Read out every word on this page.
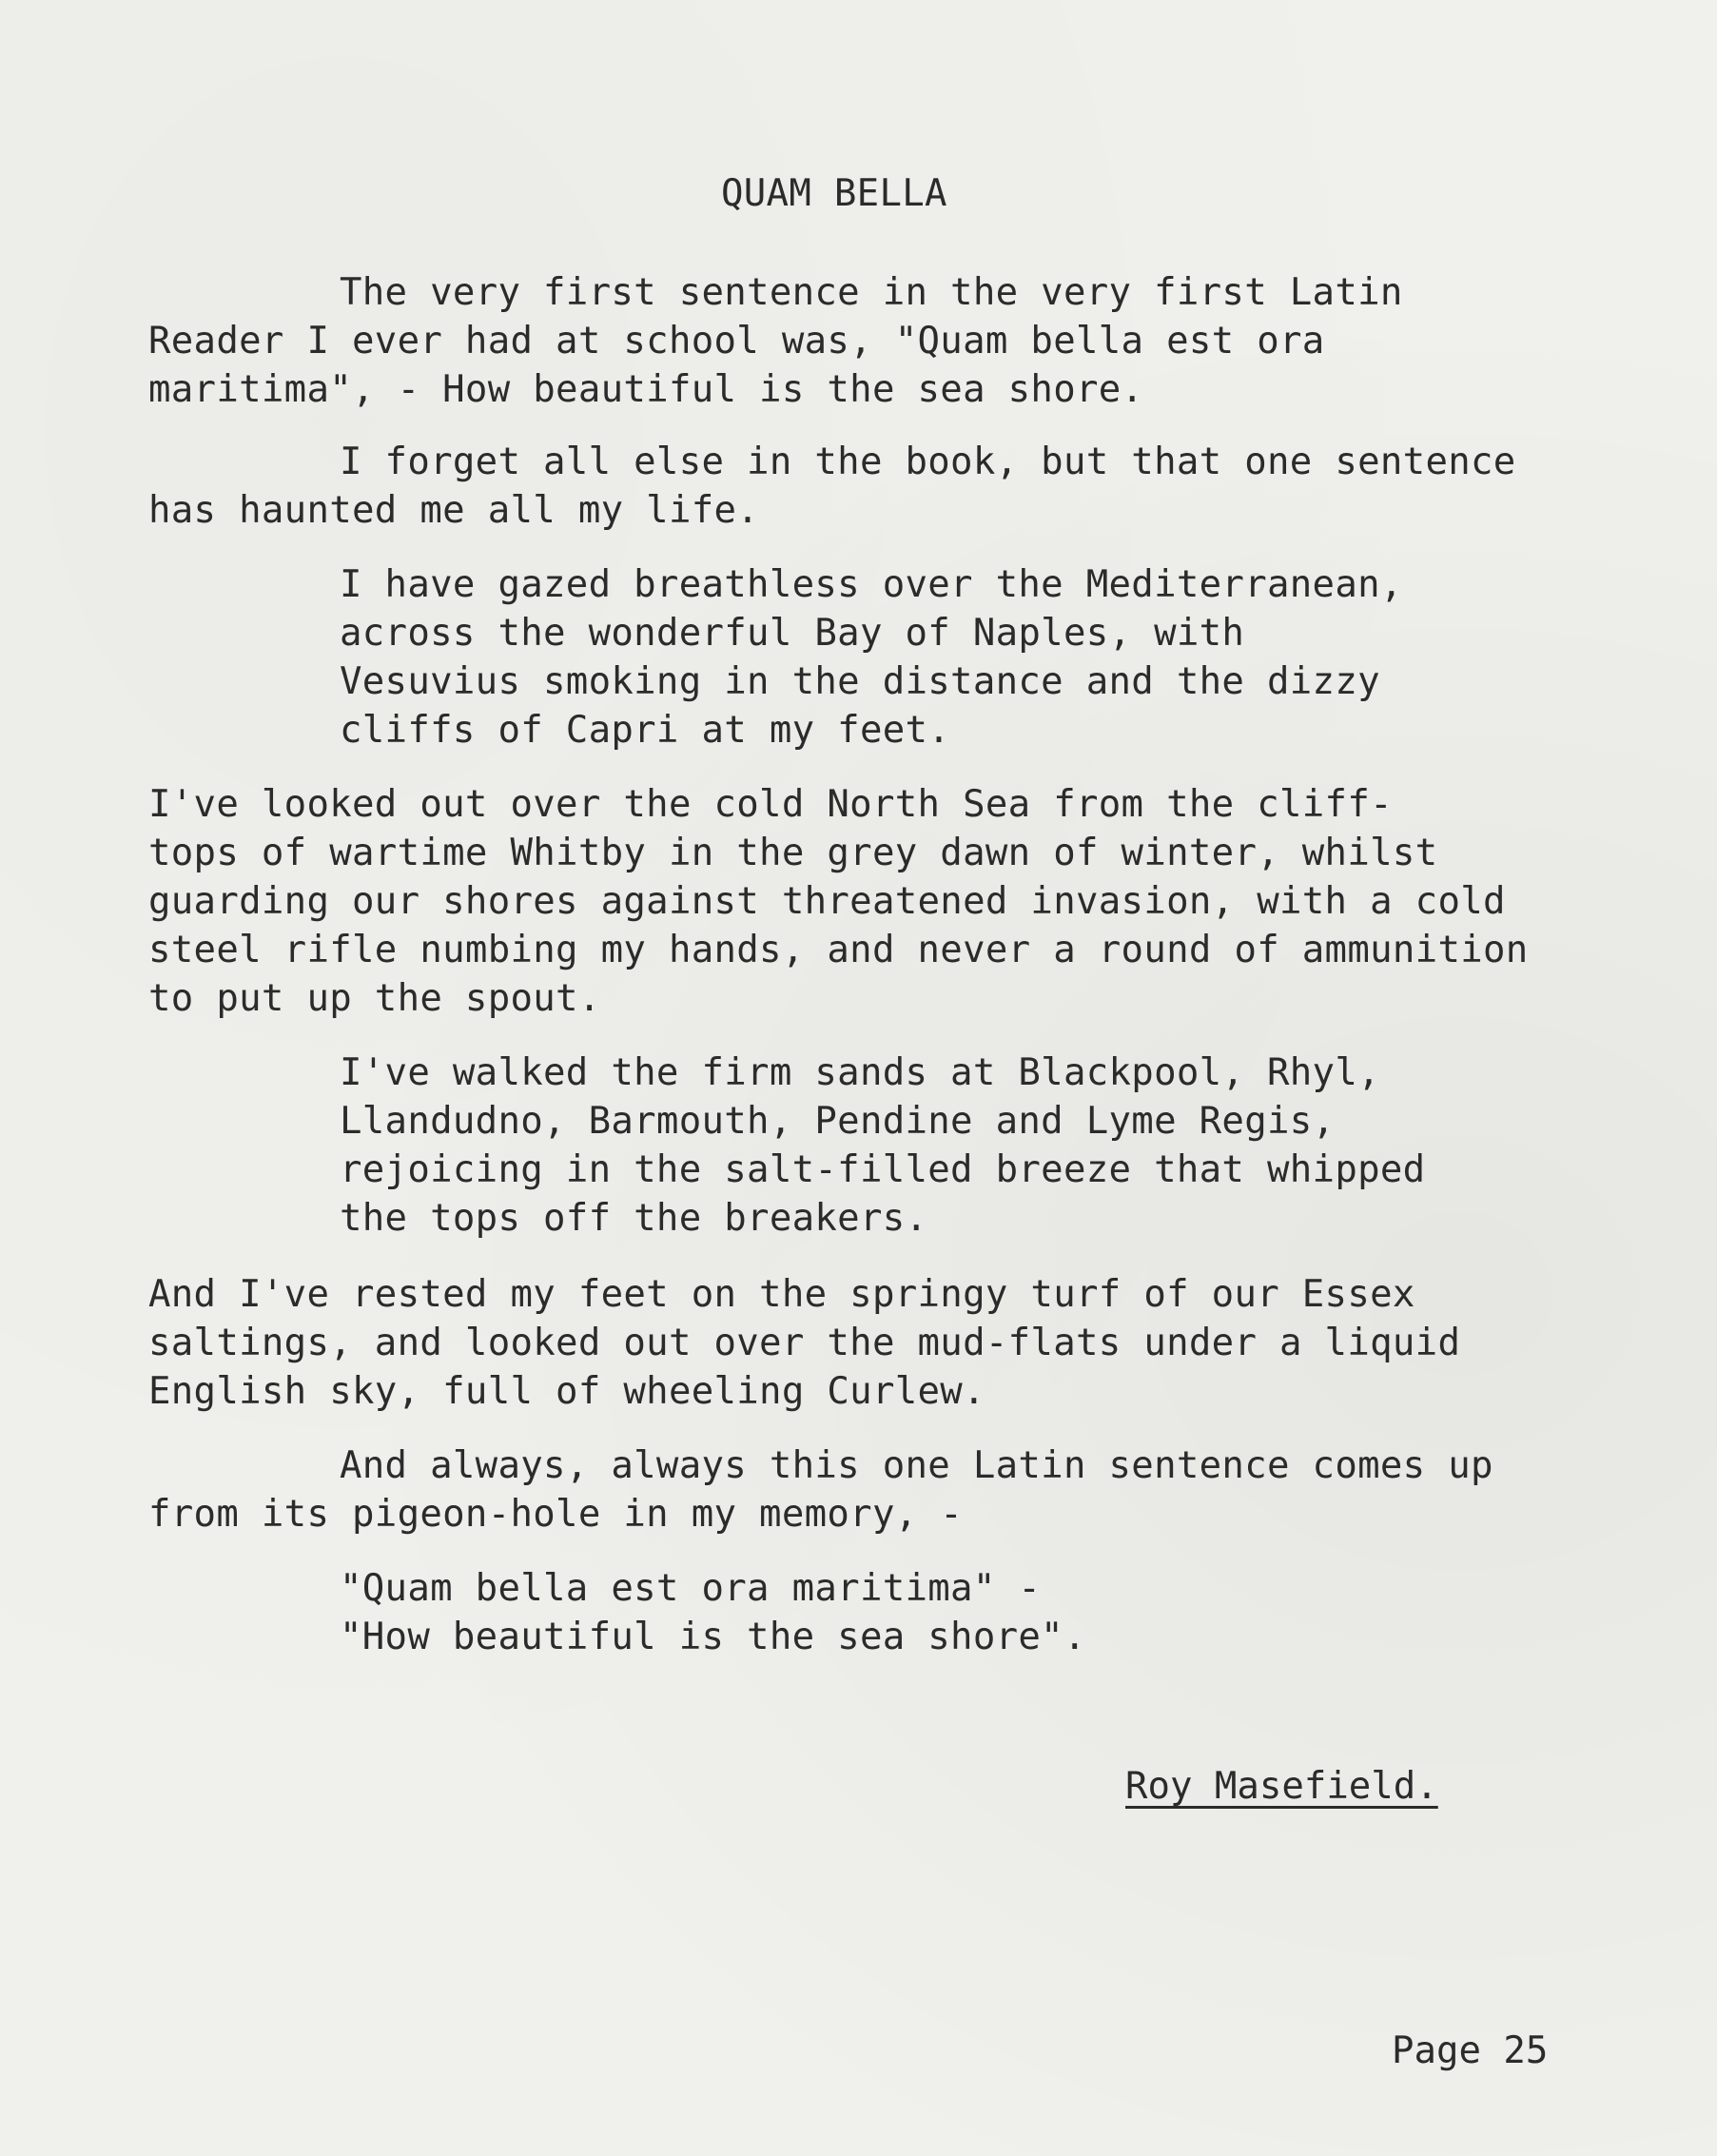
QUAM BELLA
The very first sentence in the very first Latin
Reader I ever had at school was, "Quam bella est ora
maritima", - How beautiful is the sea shore.
I forget all else in the book, but that one sentence
has haunted me all my life.
I have gazed breathless over the Mediterranean,
across the wonderful Bay of Naples, with
Vesuvius smoking in the distance and the dizzy
cliffs of Capri at my feet.
I've looked out over the cold North Sea from the cliff-
tops of wartime Whitby in the grey dawn of winter, whilst
guarding our shores against threatened invasion, with a cold
steel rifle numbing my hands, and never a round of ammunition
to put up the spout.
I've walked the firm sands at Blackpool, Rhyl,
Llandudno, Barmouth, Pendine and Lyme Regis,
rejoicing in the salt-filled breeze that whipped
the tops off the breakers.
And I've rested my feet on the springy turf of our Essex
saltings, and looked out over the mud-flats under a liquid
English sky, full of wheeling Curlew.
And always, always this one Latin sentence comes up
from its pigeon-hole in my memory, -
"Quam bella est ora maritima" -
"How beautiful is the sea shore".
Roy Masefield.
Page 25
